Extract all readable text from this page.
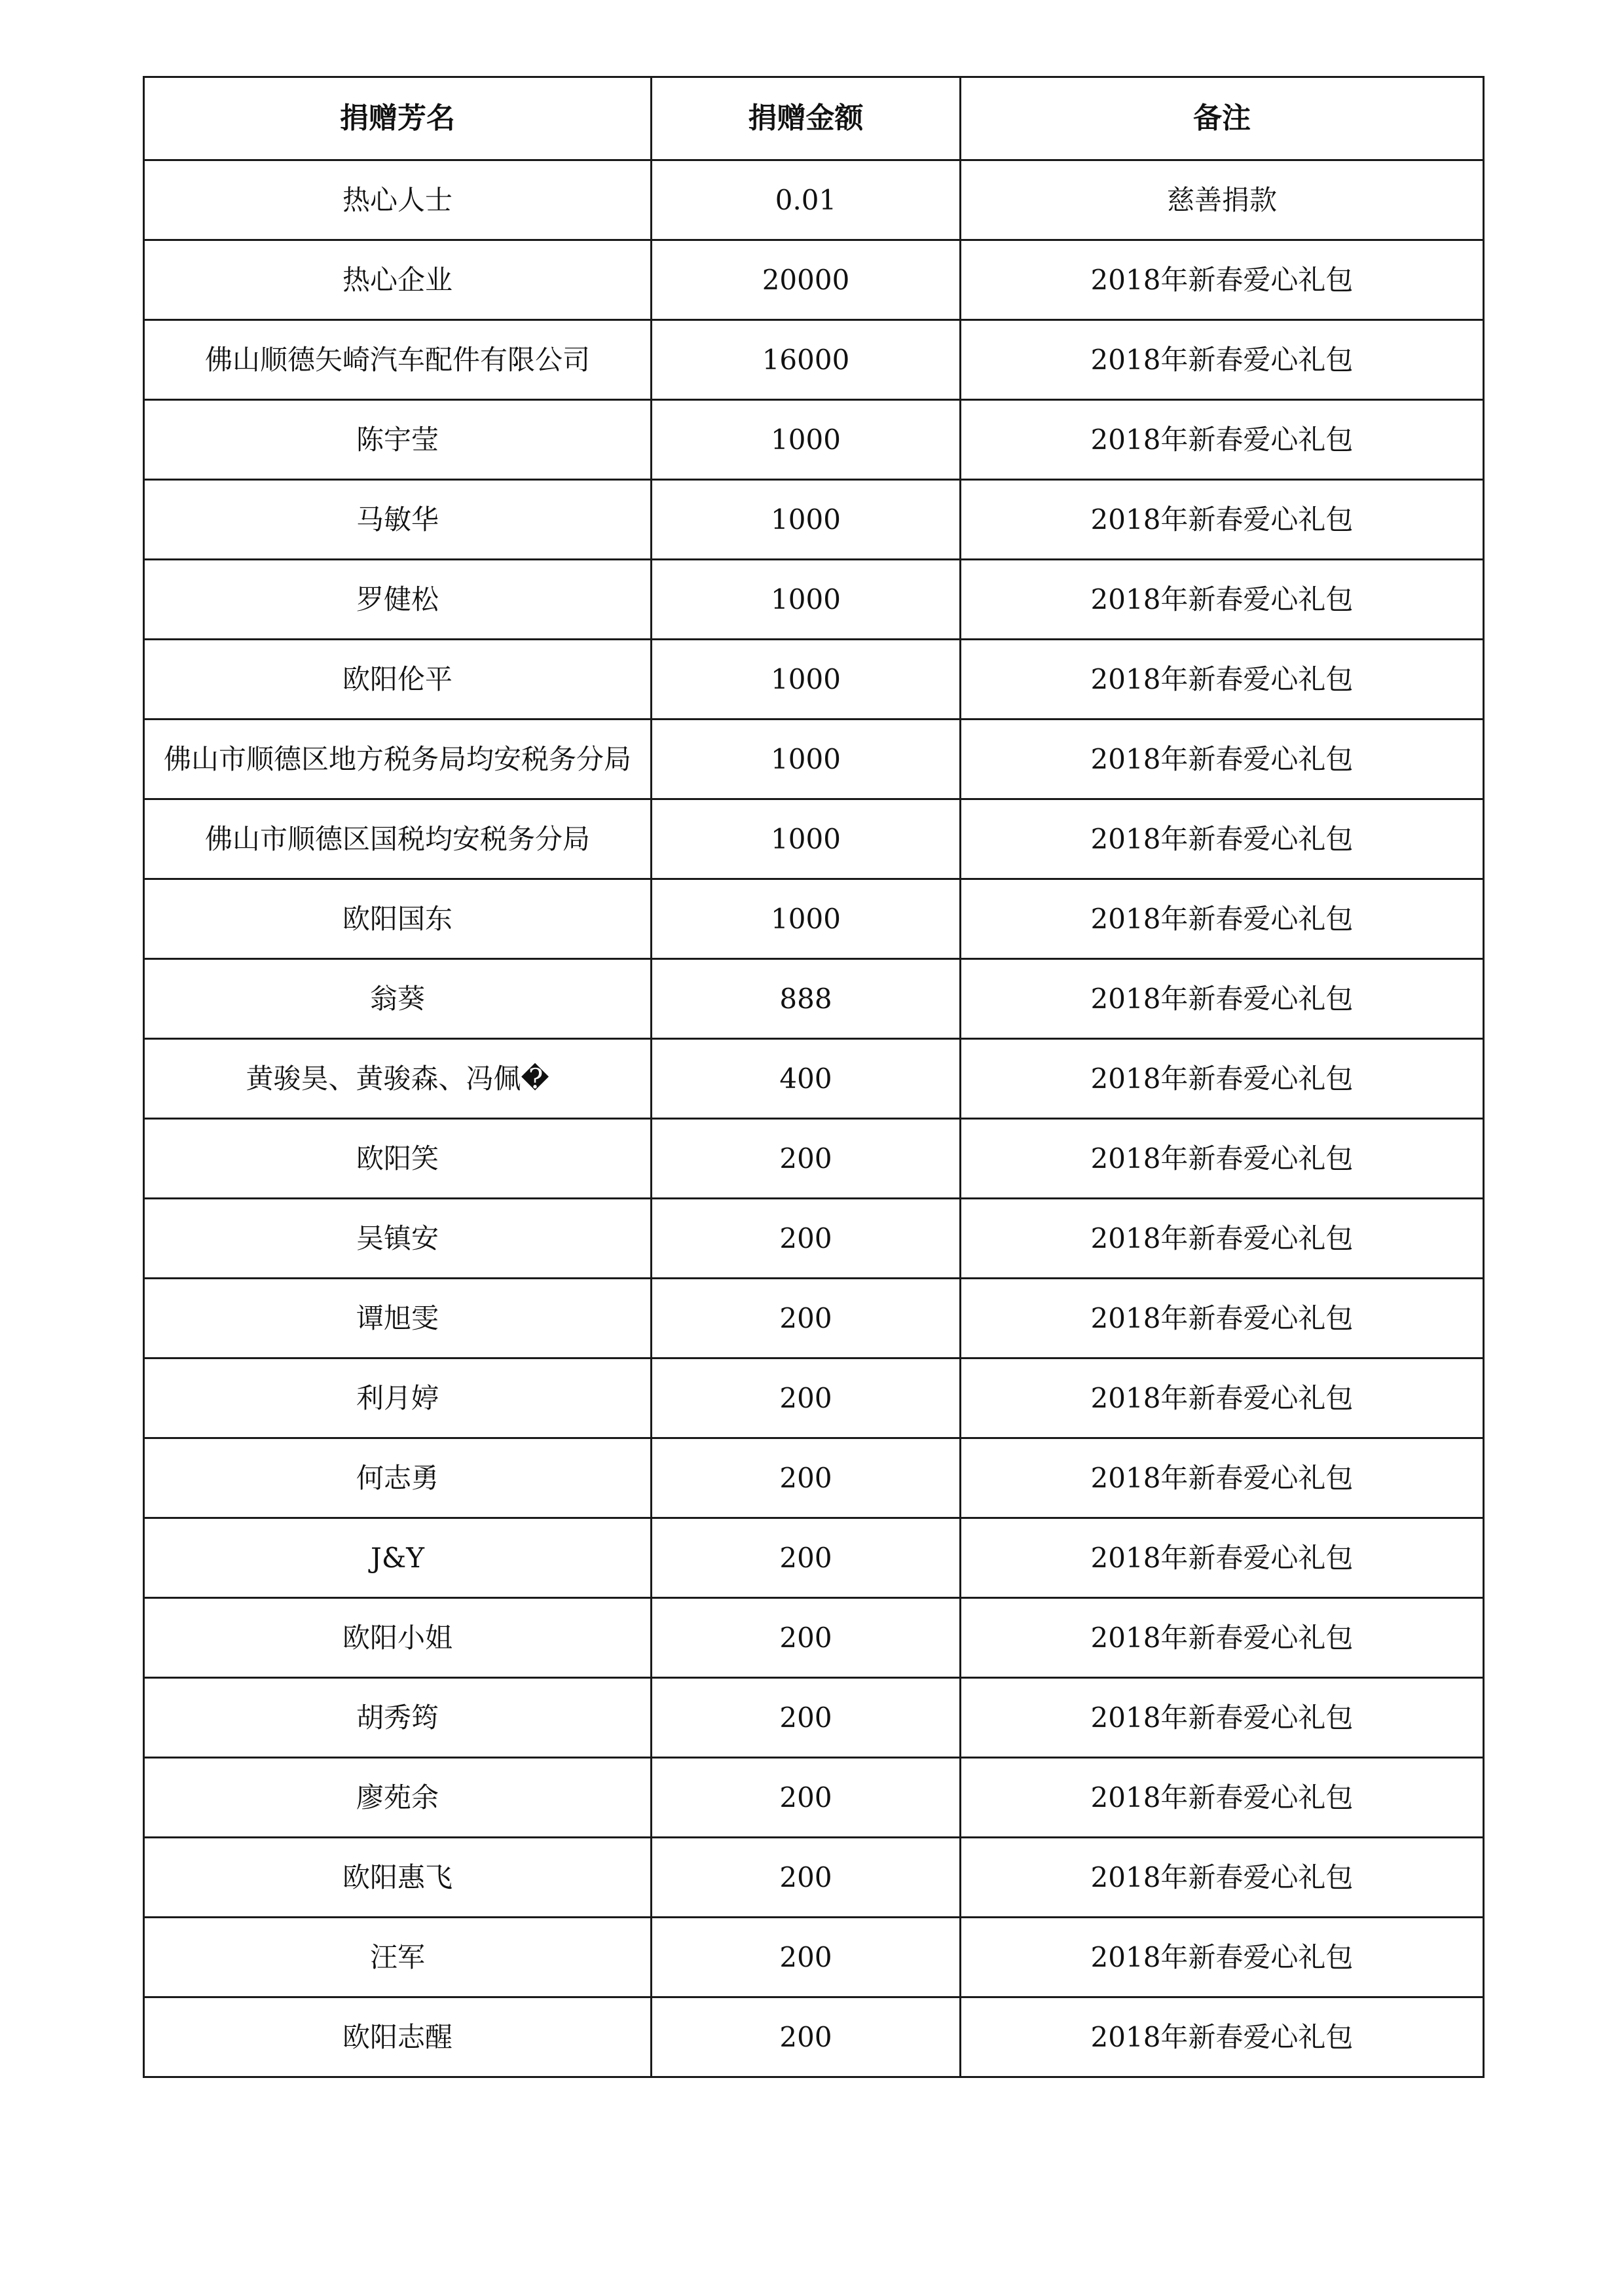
捐赠芳名	捐赠金额	备注
热心人士	0.01	慈善捐款
热心企业	20000	2018年新春爱心礼包
佛山顺德矢崎汽车配件有限公司	16000	2018年新春爱心礼包
陈宇莹	1000	2018年新春爱心礼包
马敏华	1000	2018年新春爱心礼包
罗健松	1000	2018年新春爱心礼包
欧阳伦平	1000	2018年新春爱心礼包
佛山市顺德区地方税务局均安税务分局	1000	2018年新春爱心礼包
佛山市顺德区国税均安税务分局	1000	2018年新春爱心礼包
欧阳国东	1000	2018年新春爱心礼包
翁葵	888	2018年新春爱心礼包
黄骏昊、黄骏森、冯佩�	400	2018年新春爱心礼包
欧阳笑	200	2018年新春爱心礼包
吴镇安	200	2018年新春爱心礼包
谭旭雯	200	2018年新春爱心礼包
利月婷	200	2018年新春爱心礼包
何志勇	200	2018年新春爱心礼包
J&Y	200	2018年新春爱心礼包
欧阳小姐	200	2018年新春爱心礼包
胡秀筠	200	2018年新春爱心礼包
廖苑余	200	2018年新春爱心礼包
欧阳惠飞	200	2018年新春爱心礼包
汪军	200	2018年新春爱心礼包
欧阳志醒	200	2018年新春爱心礼包
